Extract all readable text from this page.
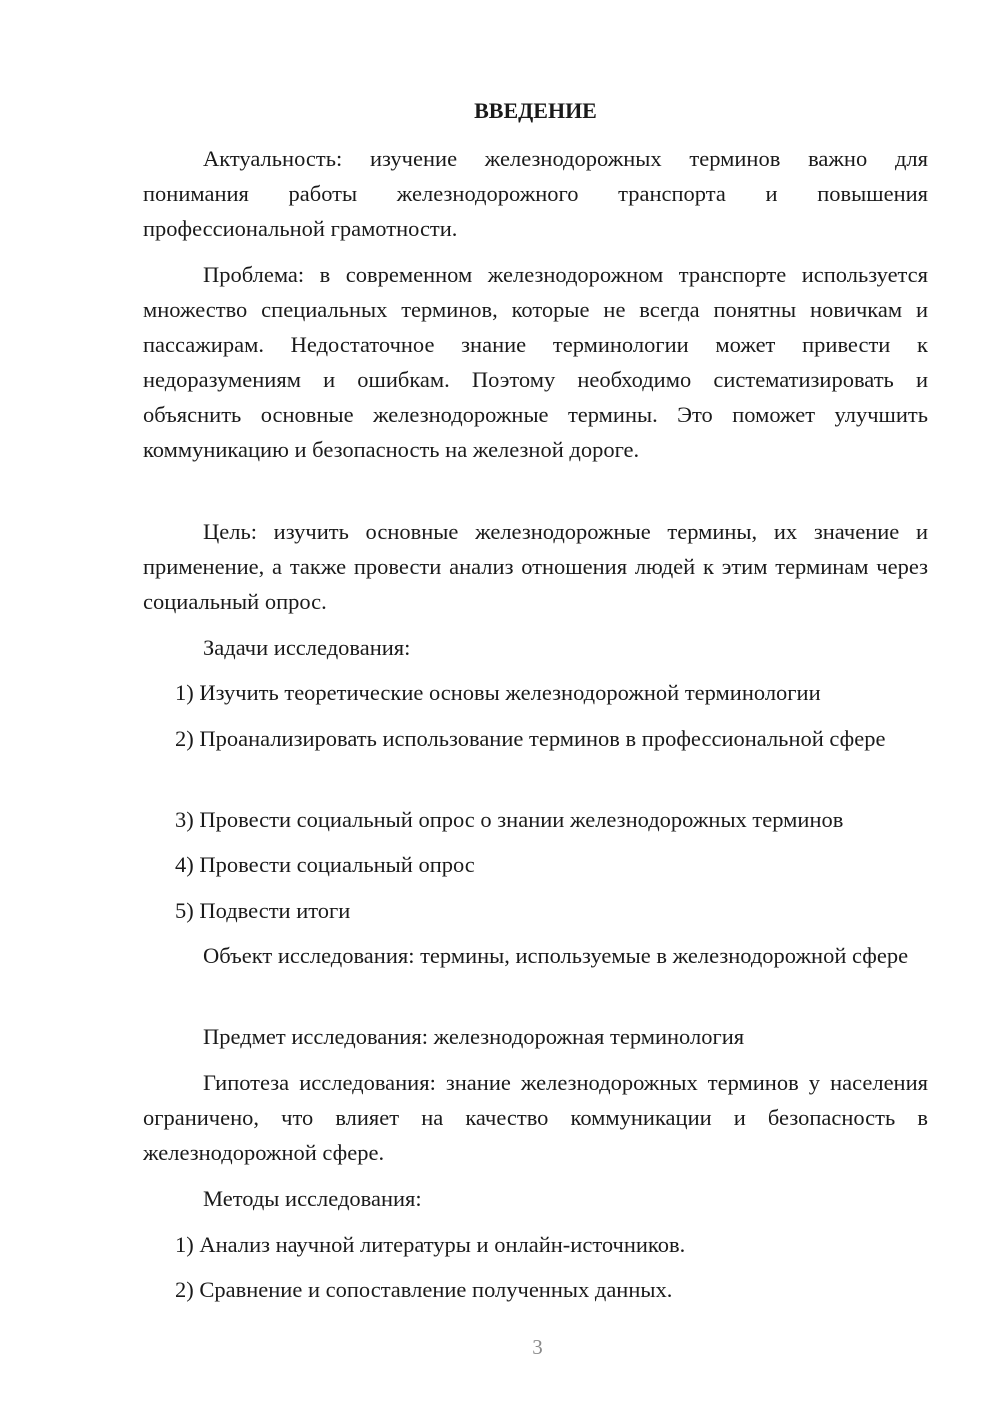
ВВЕДЕНИЕ
Актуальность: изучение железнодорожных терминов важно для понимания работы железнодорожного транспорта и повышения профессиональной грамотности.
Проблема: в современном железнодорожном транспорте используется множество специальных терминов, которые не всегда понятны новичкам и пассажирам. Недостаточное знание терминологии может привести к недоразумениям и ошибкам. Поэтому необходимо систематизировать и объяснить основные железнодорожные термины. Это поможет улучшить коммуникацию и безопасность на железной дороге.
Цель: изучить основные железнодорожные термины, их значение и применение, а также провести анализ отношения людей к этим терминам через социальный опрос.
Задачи исследования:
1) Изучить теоретические основы железнодорожной терминологии
2) Проанализировать использование терминов в профессиональной сфере
3) Провести социальный опрос о знании железнодорожных терминов
4) Провести социальный опрос
5) Подвести итоги
Объект исследования: термины, используемые в железнодорожной сфере
Предмет исследования: железнодорожная терминология
Гипотеза исследования: знание железнодорожных терминов у населения ограничено, что влияет на качество коммуникации и безопасность в железнодорожной сфере.
Методы исследования:
1) Анализ научной литературы и онлайн-источников.
2) Сравнение и сопоставление полученных данных.
3
